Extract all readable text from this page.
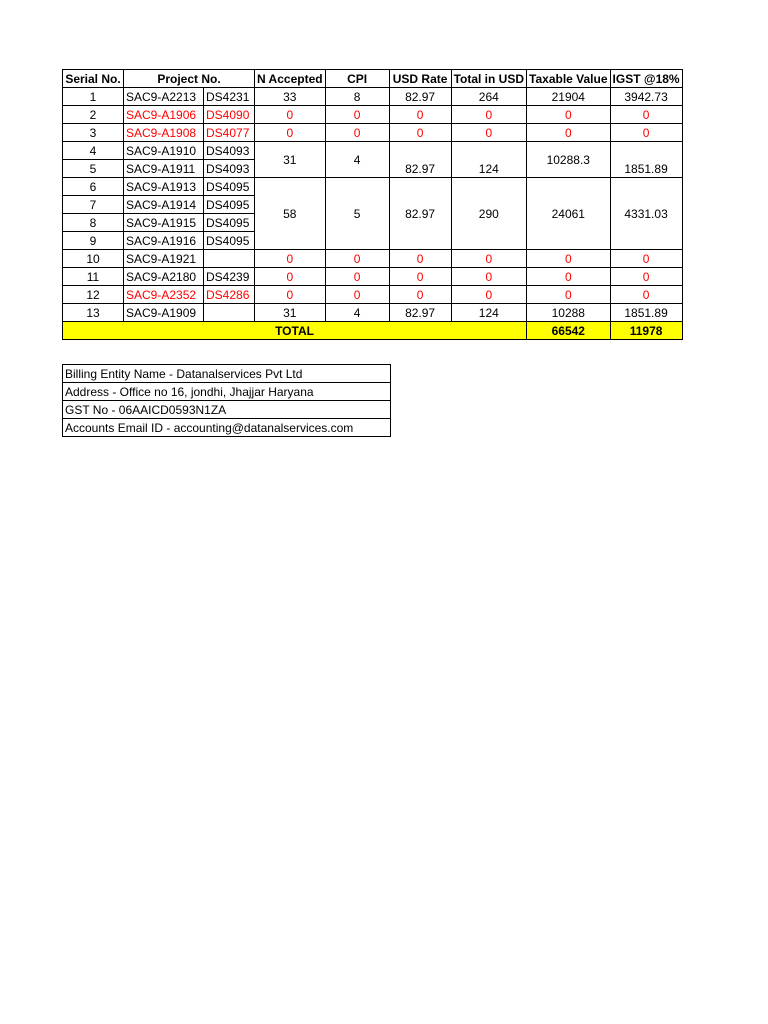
Serial No.	Project No.		N Accepted	CPI	USD Rate	Total in USD	Taxable Value	IGST @18%
1	SAC9-A2213	DS4231	33	8	82.97	264	21904	3942.73
2	SAC9-A1906	DS4090	0	0	0	0	0	0
3	SAC9-A1908	DS4077	0	0	0	0	0	0
4	SAC9-A1910	DS4093	31	4	82.97	124	10288.3	1851.89
5	SAC9-A1911	DS4093						
6	SAC9-A1913	DS4095	58	5	82.97	290	24061	4331.03
7	SAC9-A1914	DS4095						
8	SAC9-A1915	DS4095						
9	SAC9-A1916	DS4095						
10	SAC9-A1921		0	0	0	0	0	0
11	SAC9-A2180	DS4239	0	0	0	0	0	0
12	SAC9-A2352	DS4286	0	0	0	0	0	0
13	SAC9-A1909		31	4	82.97	124	10288	1851.89
TOTAL							66542	11978
Billing Entity Name - Datanalservices Pvt Ltd
Address - Office no 16, jondhi, Jhajjar Haryana
GST No - 06AAICD0593N1ZA
Accounts Email ID - accounting@datanalservices.com
